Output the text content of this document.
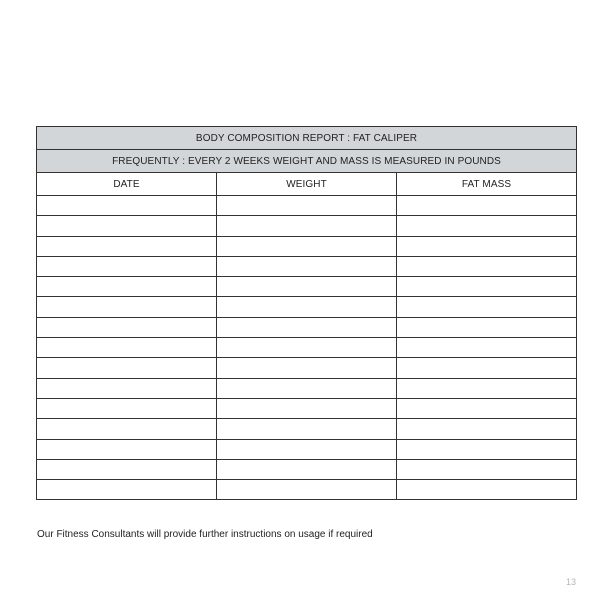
BODY COMPOSITION REPORT : FAT CALIPER		
FREQUENTLY : EVERY 2 WEEKS WEIGHT AND MASS IS MEASURED IN POUNDS		
DATE	WEIGHT	FAT MASS

Our Fitness Consultants will provide further instructions on usage if required
13
